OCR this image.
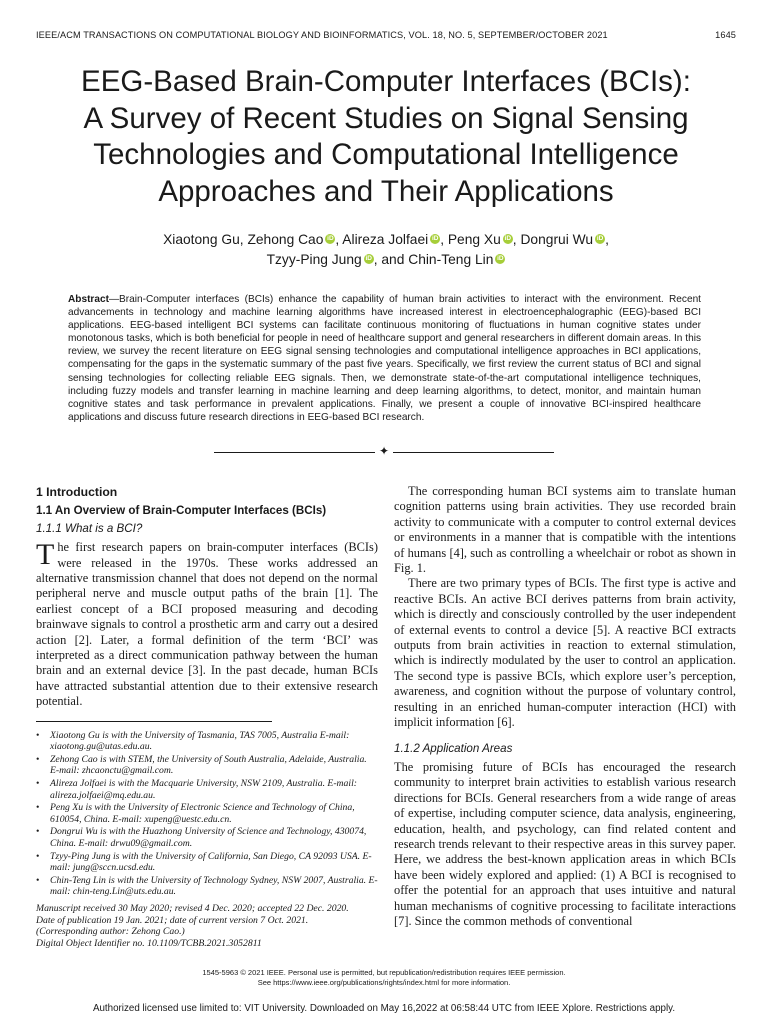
IEEE/ACM TRANSACTIONS ON COMPUTATIONAL BIOLOGY AND BIOINFORMATICS, VOL. 18, NO. 5, SEPTEMBER/OCTOBER 2021	1645
EEG-Based Brain-Computer Interfaces (BCIs):
A Survey of Recent Studies on Signal Sensing
Technologies and Computational Intelligence
Approaches and Their Applications
Xiaotong Gu, Zehong Cao iD , Alireza Jolfaei iD , Peng Xu iD , Dongrui Wu iD ,
Tzyy-Ping Jung iD , and Chin-Teng Lin iD
Abstract—Brain-Computer interfaces (BCIs) enhance the capability of human brain activities to interact with the environment. Recent advancements in technology and machine learning algorithms have increased interest in electroencephalographic (EEG)-based BCI applications. EEG-based intelligent BCI systems can facilitate continuous monitoring of fluctuations in human cognitive states under monotonous tasks, which is both beneficial for people in need of healthcare support and general researchers in different domain areas. In this review, we survey the recent literature on EEG signal sensing technologies and computational intelligence approaches in BCI applications, compensating for the gaps in the systematic summary of the past five years. Specifically, we first review the current status of BCI and signal sensing technologies for collecting reliable EEG signals. Then, we demonstrate state-of-the-art computational intelligence techniques, including fuzzy models and transfer learning in machine learning and deep learning algorithms, to detect, monitor, and maintain human cognitive states and task performance in prevalent applications. Finally, we present a couple of innovative BCI-inspired healthcare applications and discuss future research directions in EEG-based BCI research.
✦
1 Introduction
1.1 An Overview of Brain-Computer Interfaces (BCIs)
1.1.1 What is a BCI?

The first research papers on brain-computer interfaces (BCIs) were released in the 1970s. These works addressed an alternative transmission channel that does not depend on the normal peripheral nerve and muscle output paths of the brain [1]. The earliest concept of a BCI proposed measuring and decoding brainwave signals to control a prosthetic arm and carry out a desired action [2]. Later, a formal definition of the term ‘BCI’ was interpreted as a direct communication pathway between the human brain and an external device [3]. In the past decade, human BCIs have attracted substantial attention due to their extensive research potential.

• Xiaotong Gu is with the University of Tasmania, TAS 7005, Australia E-mail: xiaotong.gu@utas.edu.au.
• Zehong Cao is with STEM, the University of South Australia, Adelaide, Australia. E-mail: zhcaonctu@gmail.com.
• Alireza Jolfaei is with the Macquarie University, NSW 2109, Australia. E-mail: alireza.jolfaei@mq.edu.au.
• Peng Xu is with the University of Electronic Science and Technology of China, 610054, China. E-mail: xupeng@uestc.edu.cn.
• Dongrui Wu is with the Huazhong University of Science and Technology, 430074, China. E-mail: drwu09@gmail.com.
• Tzyy-Ping Jung is with the University of California, San Diego, CA 92093 USA. E-mail: jung@sccn.ucsd.edu.
• Chin-Teng Lin is with the University of Technology Sydney, NSW 2007, Australia. E-mail: chin-teng.Lin@uts.edu.au.
Manuscript received 30 May 2020; revised 4 Dec. 2020; accepted 22 Dec. 2020.
Date of publication 19 Jan. 2021; date of current version 7 Oct. 2021.
(Corresponding author: Zehong Cao.)
Digital Object Identifier no. 10.1109/TCBB.2021.3052811

The corresponding human BCI systems aim to translate human cognition patterns using brain activities. They use recorded brain activity to communicate with a computer to control external devices or environments in a manner that is compatible with the intentions of humans [4], such as controlling a wheelchair or robot as shown in Fig. 1.

There are two primary types of BCIs. The first type is active and reactive BCIs. An active BCI derives patterns from brain activity, which is directly and consciously controlled by the user independent of external events to control a device [5]. A reactive BCI extracts outputs from brain activities in reaction to external stimulation, which is indirectly modulated by the user to control an application. The second type is passive BCIs, which explore user’s perception, awareness, and cognition without the purpose of voluntary control, resulting in an enriched human-computer interaction (HCI) with implicit information [6].

1.1.2 Application Areas

The promising future of BCIs has encouraged the research community to interpret brain activities to establish various research directions for BCIs. General researchers from a wide range of areas of expertise, including computer science, data analysis, engineering, education, health, and psychology, can find related content and research trends relevant to their respective areas in this survey paper. Here, we address the best-known application areas in which BCIs have been widely explored and applied: (1) A BCI is recognised to offer the potential for an approach that uses intuitive and natural human mechanisms of cognitive processing to facilitate interactions [7]. Since the common methods of conventional

1545-5963 © 2021 IEEE. Personal use is permitted, but republication/redistribution requires IEEE permission.
See https://www.ieee.org/publications/rights/index.html for more information.
Authorized licensed use limited to: VIT University. Downloaded on May 16,2022 at 06:58:44 UTC from IEEE Xplore. Restrictions apply.
